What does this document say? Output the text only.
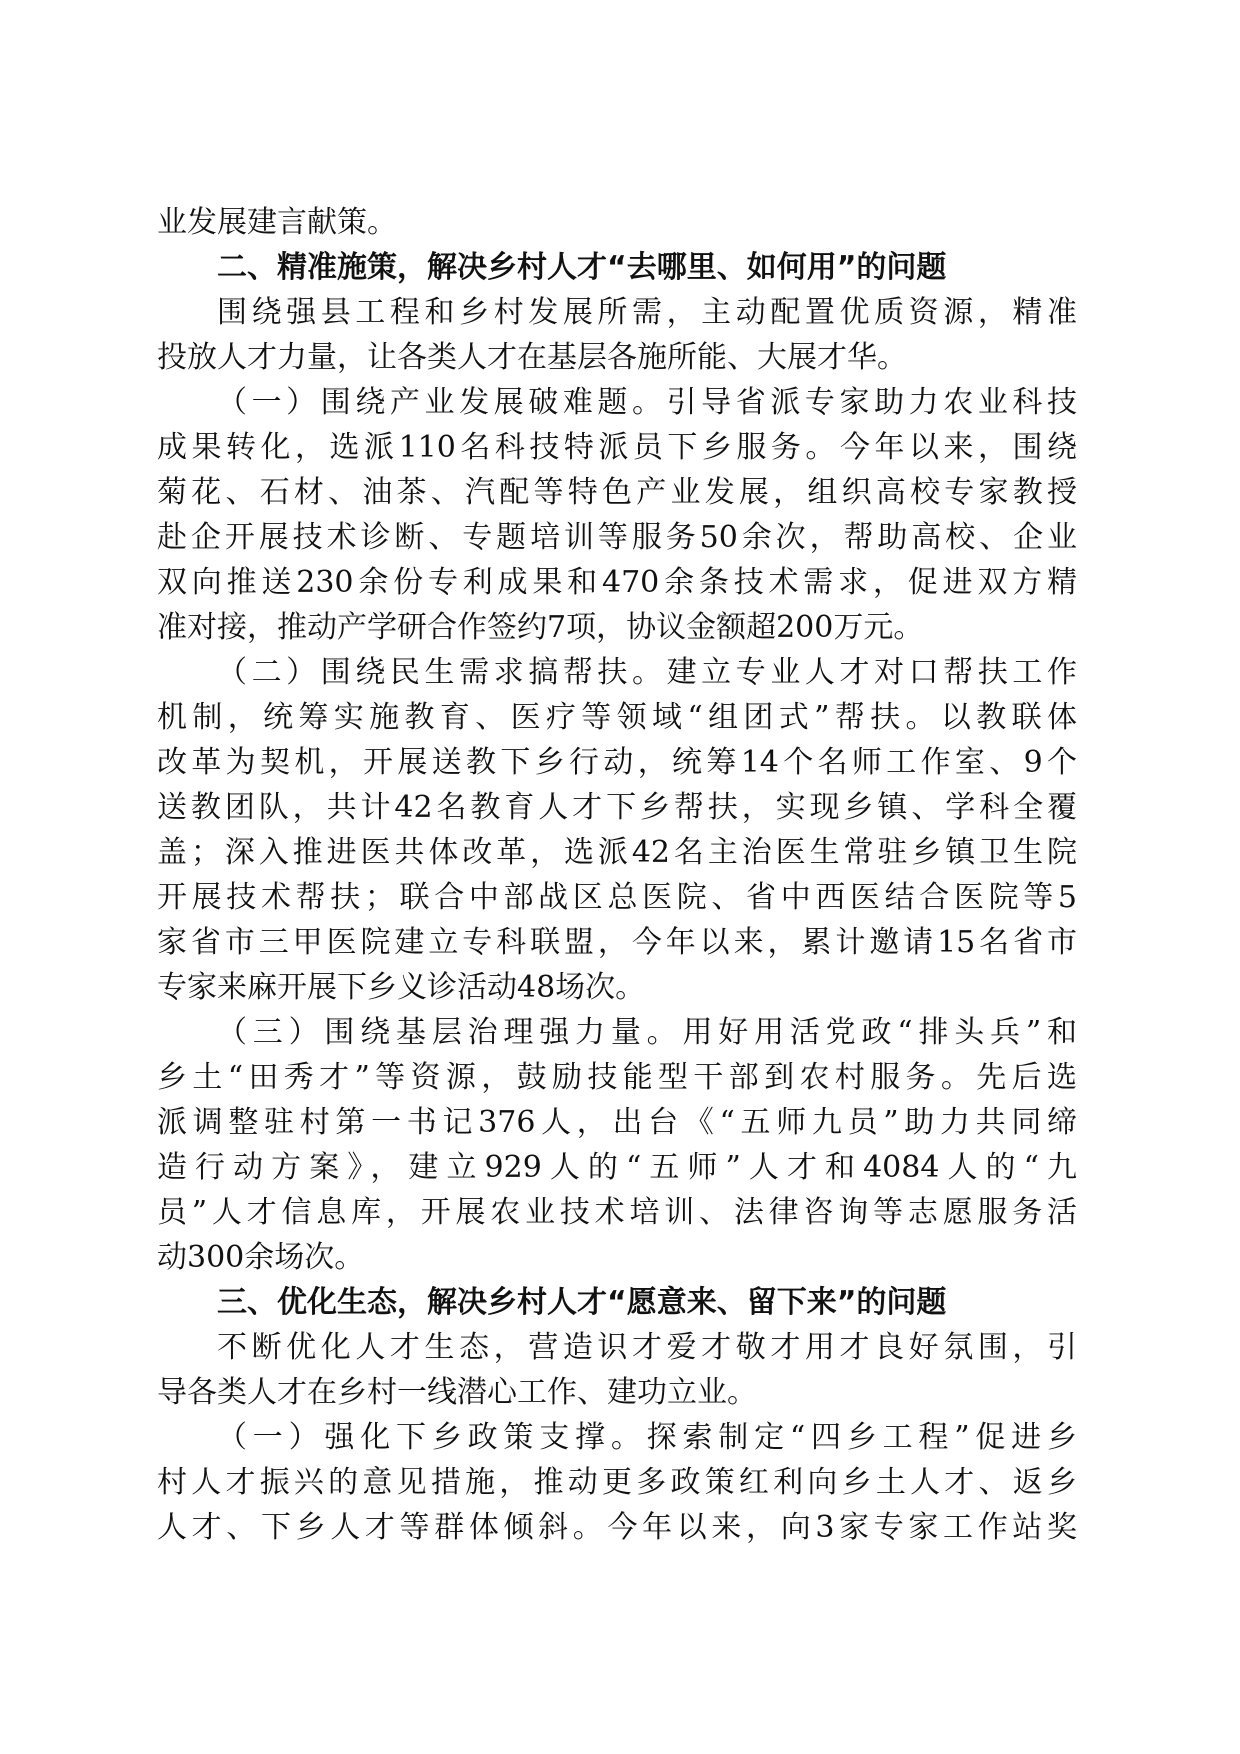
业发展建言献策。
二、精准施策，解决乡村人才“去哪里、如何用”的问题
围绕强县工程和乡村发展所需，主动配置优质资源，精准
投放人才力量，让各类人才在基层各施所能、大展才华。
（一）围绕产业发展破难题。引导省派专家助力农业科技
成果转化，选派110名科技特派员下乡服务。今年以来，围绕
菊花、石材、油茶、汽配等特色产业发展，组织高校专家教授
赴企开展技术诊断、专题培训等服务50余次，帮助高校、企业
双向推送230余份专利成果和470余条技术需求，促进双方精
准对接，推动产学研合作签约7项，协议金额超200万元。
（二）围绕民生需求搞帮扶。建立专业人才对口帮扶工作
机制，统筹实施教育、医疗等领域“组团式”帮扶。以教联体
改革为契机，开展送教下乡行动，统筹14个名师工作室、9个
送教团队，共计42名教育人才下乡帮扶，实现乡镇、学科全覆
盖；深入推进医共体改革，选派42名主治医生常驻乡镇卫生院
开展技术帮扶；联合中部战区总医院、省中西医结合医院等5
家省市三甲医院建立专科联盟，今年以来，累计邀请15名省市
专家来麻开展下乡义诊活动48场次。
（三）围绕基层治理强力量。用好用活党政“排头兵”和
乡土“田秀才”等资源，鼓励技能型干部到农村服务。先后选
派调整驻村第一书记376人，出台《“五师九员”助力共同缔
造行动方案》，建立929人的“五师”人才和4084人的“九
员”人才信息库，开展农业技术培训、法律咨询等志愿服务活
动300余场次。
三、优化生态，解决乡村人才“愿意来、留下来”的问题
不断优化人才生态，营造识才爱才敬才用才良好氛围，引
导各类人才在乡村一线潜心工作、建功立业。
（一）强化下乡政策支撑。探索制定“四乡工程”促进乡
村人才振兴的意见措施，推动更多政策红利向乡土人才、返乡
人才、下乡人才等群体倾斜。今年以来，向3家专家工作站奖
